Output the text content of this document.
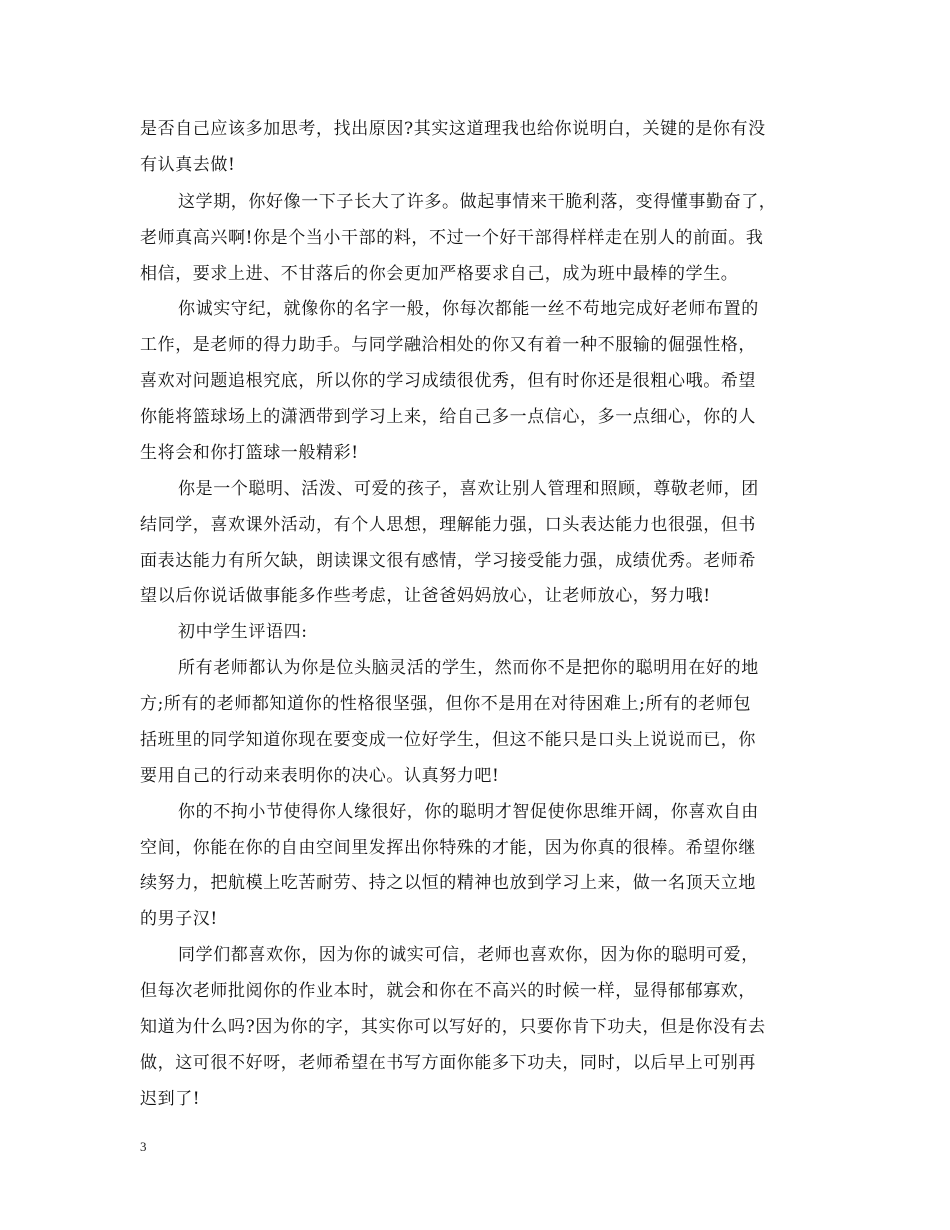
是否自己应该多加思考，找出原因?其实这道理我也给你说明白，关键的是你有没
有认真去做!
这学期，你好像一下子长大了许多。做起事情来干脆利落，变得懂事勤奋了，
老师真高兴啊!你是个当小干部的料，不过一个好干部得样样走在别人的前面。我
相信，要求上进、不甘落后的你会更加严格要求自己，成为班中最棒的学生。
你诚实守纪，就像你的名字一般，你每次都能一丝不苟地完成好老师布置的
工作，是老师的得力助手。与同学融洽相处的你又有着一种不服输的倔强性格，
喜欢对问题追根究底，所以你的学习成绩很优秀，但有时你还是很粗心哦。希望
你能将篮球场上的潇洒带到学习上来，给自己多一点信心，多一点细心，你的人
生将会和你打篮球一般精彩!
你是一个聪明、活泼、可爱的孩子，喜欢让别人管理和照顾，尊敬老师，团
结同学，喜欢课外活动，有个人思想，理解能力强，口头表达能力也很强，但书
面表达能力有所欠缺，朗读课文很有感情，学习接受能力强，成绩优秀。老师希
望以后你说话做事能多作些考虑，让爸爸妈妈放心，让老师放心，努力哦!
初中学生评语四:
所有老师都认为你是位头脑灵活的学生，然而你不是把你的聪明用在好的地
方;所有的老师都知道你的性格很坚强，但你不是用在对待困难上;所有的老师包
括班里的同学知道你现在要变成一位好学生，但这不能只是口头上说说而已，你
要用自己的行动来表明你的决心。认真努力吧!
你的不拘小节使得你人缘很好，你的聪明才智促使你思维开阔，你喜欢自由
空间，你能在你的自由空间里发挥出你特殊的才能，因为你真的很棒。希望你继
续努力，把航模上吃苦耐劳、持之以恒的精神也放到学习上来，做一名顶天立地
的男子汉!
同学们都喜欢你，因为你的诚实可信，老师也喜欢你，因为你的聪明可爱，
但每次老师批阅你的作业本时，就会和你在不高兴的时候一样，显得郁郁寡欢，
知道为什么吗?因为你的字，其实你可以写好的，只要你肯下功夫，但是你没有去
做，这可很不好呀，老师希望在书写方面你能多下功夫，同时，以后早上可别再
迟到了!
3
